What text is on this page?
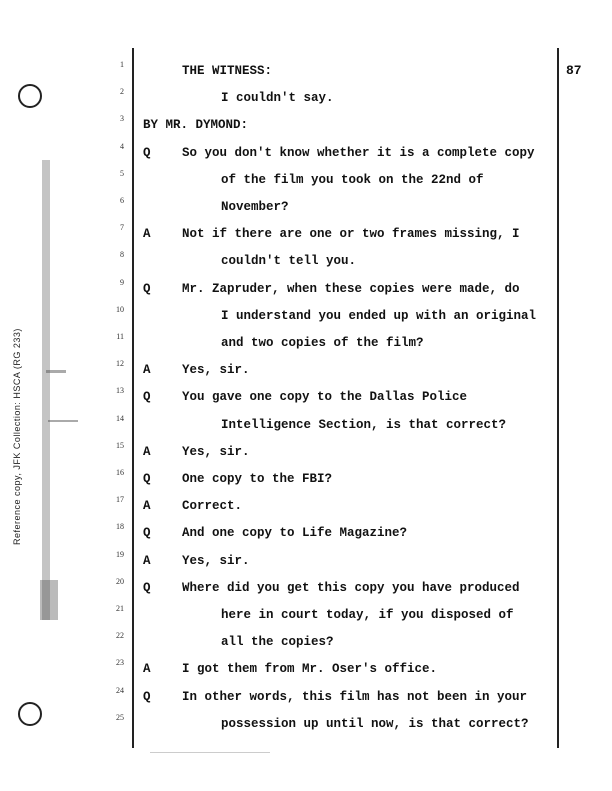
Reference copy, JFK Collection: HSCA (RG 233)
87
1	THE WITNESS:
2	I couldn't say.
3 BY MR. DYMOND:
4 Q	So you don't know whether it is a complete copy
5	of the film you took on the 22nd of
6	November?
7 A	Not if there are one or two frames missing, I
8	couldn't tell you.
9 Q	Mr. Zapruder, when these copies were made, do
10	I understand you ended up with an original
11	and two copies of the film?
12 A	Yes, sir.
13 Q	You gave one copy to the Dallas Police
14	Intelligence Section, is that correct?
15 A	Yes, sir.
16 Q	One copy to the FBI?
17 A	Correct.
18 Q	And one copy to Life Magazine?
19 A	Yes, sir.
20 Q	Where did you get this copy you have produced
21	here in court today, if you disposed of
22	all the copies?
23 A	I got them from Mr. Oser's office.
24 Q	In other words, this film has not been in your
25	possession up until now, is that correct?
